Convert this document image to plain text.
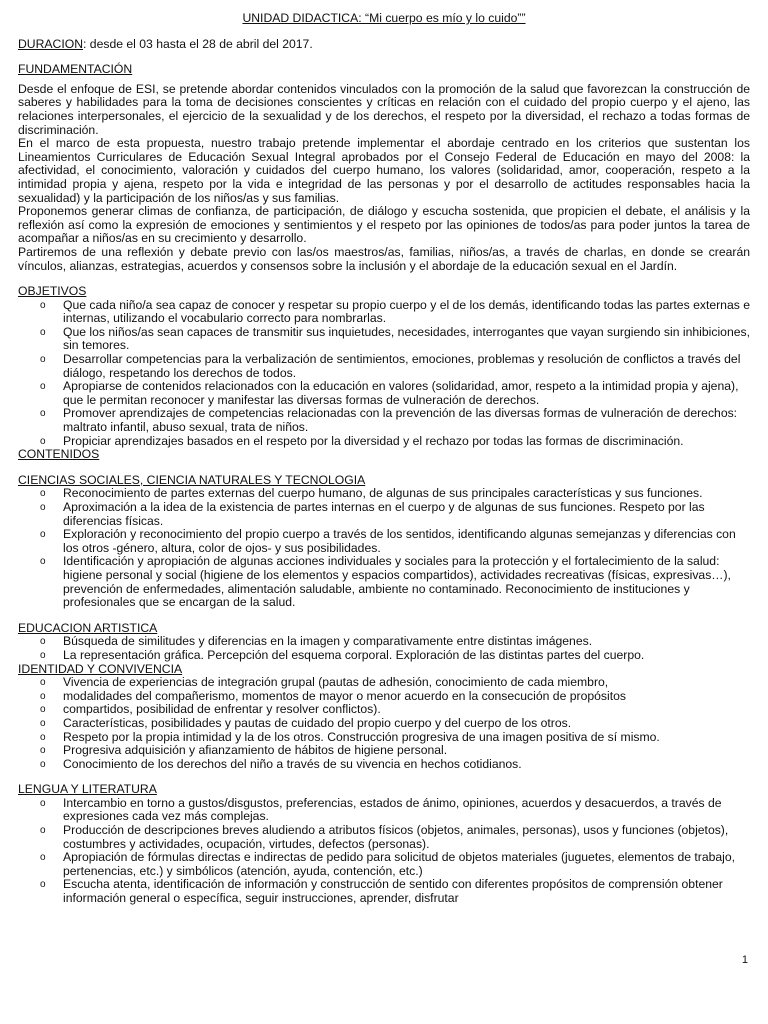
UNIDAD DIDACTICA: “Mi cuerpo es mío y lo cuido””
DURACION: desde el 03 hasta el 28 de abril del 2017.
FUNDAMENTACIÓN

Desde el enfoque de ESI, se pretende abordar contenidos vinculados con la promoción de la salud que favorezcan la construcción de saberes y habilidades para la toma de decisiones conscientes y críticas en relación con el cuidado del propio cuerpo y el ajeno, las relaciones interpersonales, el ejercicio de la sexualidad y de los derechos, el respeto por la diversidad, el rechazo a todas formas de discriminación.

En el marco de esta propuesta, nuestro trabajo pretende implementar el abordaje centrado en los criterios que sustentan los Lineamientos Curriculares de Educación Sexual Integral aprobados por el Consejo Federal de Educación en mayo del 2008: la afectividad, el conocimiento, valoración y cuidados del cuerpo humano, los valores (solidaridad, amor, cooperación, respeto a la intimidad propia y ajena, respeto por la vida e integridad de las personas y por el desarrollo de actitudes responsables hacia la sexualidad) y la participación de los niños/as y sus familias.

Proponemos generar climas de confianza, de participación, de diálogo y escucha sostenida, que propicien el debate, el análisis y la reflexión así como la expresión de emociones y sentimientos y el respeto por las opiniones de todos/as para poder juntos la tarea de acompañar a niños/as en su crecimiento y desarrollo.

Partiremos de una reflexión y debate previo con las/os maestros/as, familias, niños/as, a través de charlas, en donde se crearán vínculos, alianzas, estrategias, acuerdos y consensos sobre la inclusión y el abordaje de la educación sexual en el Jardín.

OBJETIVOS
o Que cada niño/a sea capaz de conocer y respetar su propio cuerpo y el de los demás, identificando todas las partes externas e internas, utilizando el vocabulario correcto para nombrarlas.
o Que los niños/as sean capaces de transmitir sus inquietudes, necesidades, interrogantes que vayan surgiendo sin inhibiciones, sin temores.
o Desarrollar competencias para la verbalización de sentimientos, emociones, problemas y resolución de conflictos a través del diálogo, respetando los derechos de todos.
o Apropiarse de contenidos relacionados con la educación en valores (solidaridad, amor, respeto a la intimidad propia y ajena), que le permitan reconocer y manifestar las diversas formas de vulneración de derechos.
o Promover aprendizajes de competencias relacionadas con la prevención de las diversas formas de vulneración de derechos: maltrato infantil, abuso sexual, trata de niños.
o Propiciar aprendizajes basados en el respeto por la diversidad y el rechazo por todas las formas de discriminación.
CONTENIDOS
CIENCIAS SOCIALES, CIENCIA NATURALES Y TECNOLOGIA
o Reconocimiento de partes externas del cuerpo humano, de algunas de sus principales características y sus funciones.
o Aproximación a la idea de la existencia de partes internas en el cuerpo y de algunas de sus funciones. Respeto por las diferencias físicas.
o Exploración y reconocimiento del propio cuerpo a través de los sentidos, identificando algunas semejanzas y diferencias con los otros -género, altura, color de ojos- y sus posibilidades.
o Identificación y apropiación de algunas acciones individuales y sociales para la protección y el fortalecimiento de la salud: higiene personal y social (higiene de los elementos y espacios compartidos), actividades recreativas (físicas, expresivas…), prevención de enfermedades, alimentación saludable, ambiente no contaminado. Reconocimiento de instituciones y profesionales que se encargan de la salud.
EDUCACION ARTISTICA
o Búsqueda de similitudes y diferencias en la imagen y comparativamente entre distintas imágenes.
o La representación gráfica. Percepción del esquema corporal. Exploración de las distintas partes del cuerpo.
IDENTIDAD Y CONVIVENCIA
o Vivencia de experiencias de integración grupal (pautas de adhesión, conocimiento de cada miembro,
o modalidades del compañerismo, momentos de mayor o menor acuerdo en la consecución de propósitos
o compartidos, posibilidad de enfrentar y resolver conflictos).
o Características, posibilidades y pautas de cuidado del propio cuerpo y del cuerpo de los otros.
o Respeto por la propia intimidad y la de los otros. Construcción progresiva de una imagen positiva de sí mismo.
o Progresiva adquisición y afianzamiento de hábitos de higiene personal.
o Conocimiento de los derechos del niño a través de su vivencia en hechos cotidianos.
LENGUA Y LITERATURA
o Intercambio en torno a gustos/disgustos, preferencias, estados de ánimo, opiniones, acuerdos y desacuerdos, a través de expresiones cada vez más complejas.
o Producción de descripciones breves aludiendo a atributos físicos (objetos, animales, personas), usos y funciones (objetos), costumbres y actividades, ocupación, virtudes, defectos (personas).
o Apropiación de fórmulas directas e indirectas de pedido para solicitud de objetos materiales (juguetes, elementos de trabajo, pertenencias, etc.) y simbólicos (atención, ayuda, contención, etc.)
o Escucha atenta, identificación de información y construcción de sentido con diferentes propósitos de comprensión obtener información general o específica, seguir instrucciones, aprender, disfrutar
1
